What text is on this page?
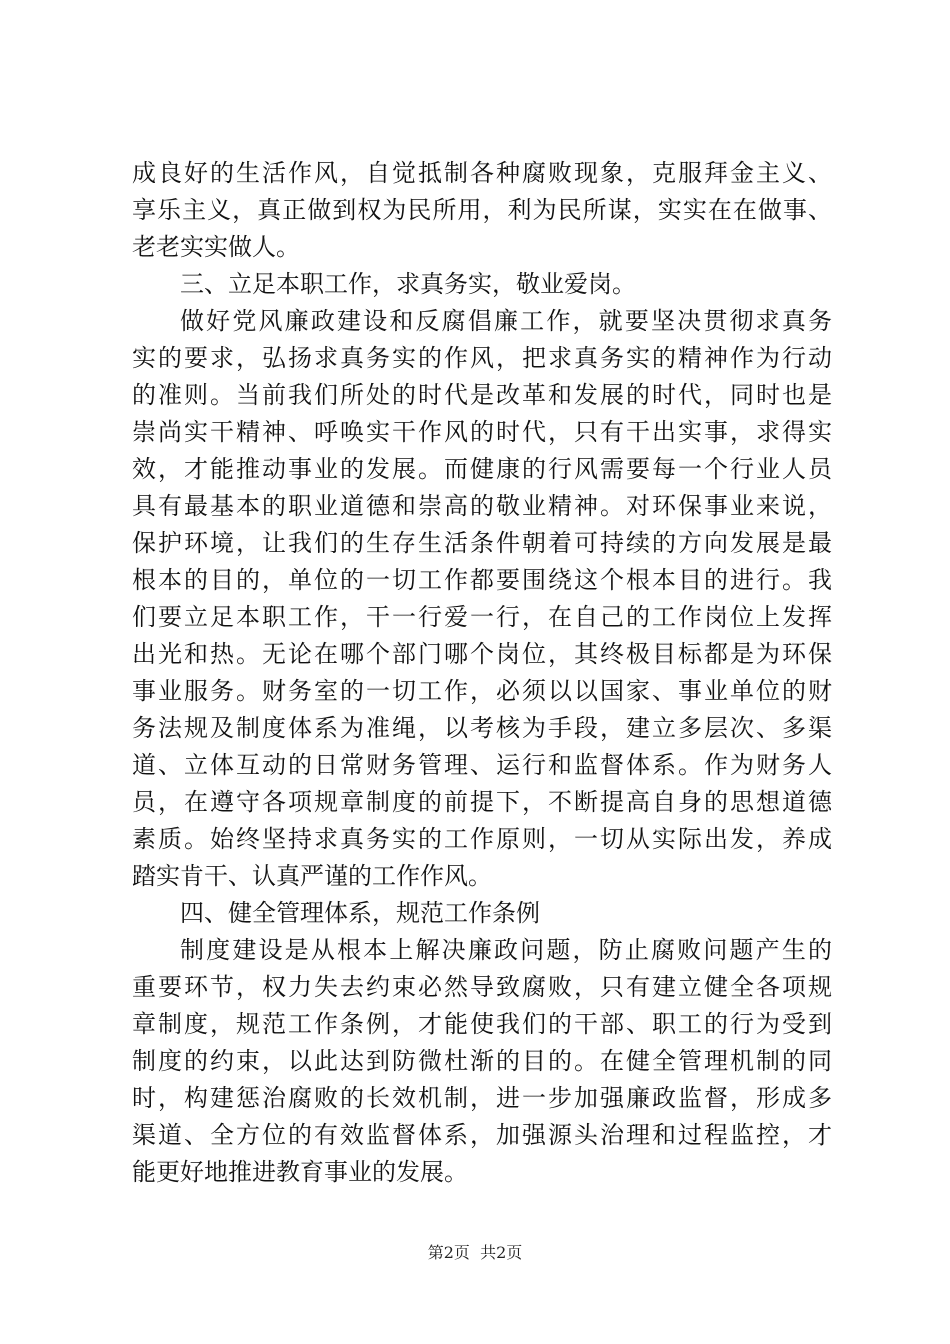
成良好的生活作风，自觉抵制各种腐败现象，克服拜金主义、
享乐主义，真正做到权为民所用，利为民所谋，实实在在做事、
老老实实做人。
三、立足本职工作，求真务实，敬业爱岗。
做好党风廉政建设和反腐倡廉工作，就要坚决贯彻求真务
实的要求，弘扬求真务实的作风，把求真务实的精神作为行动
的准则。当前我们所处的时代是改革和发展的时代，同时也是
崇尚实干精神、呼唤实干作风的时代，只有干出实事，求得实
效，才能推动事业的发展。而健康的行风需要每一个行业人员
具有最基本的职业道德和崇高的敬业精神。对环保事业来说，
保护环境，让我们的生存生活条件朝着可持续的方向发展是最
根本的目的，单位的一切工作都要围绕这个根本目的进行。我
们要立足本职工作，干一行爱一行，在自己的工作岗位上发挥
出光和热。无论在哪个部门哪个岗位，其终极目标都是为环保
事业服务。财务室的一切工作，必须以以国家、事业单位的财
务法规及制度体系为准绳，以考核为手段，建立多层次、多渠
道、立体互动的日常财务管理、运行和监督体系。作为财务人
员，在遵守各项规章制度的前提下，不断提高自身的思想道德
素质。始终坚持求真务实的工作原则，一切从实际出发，养成
踏实肯干、认真严谨的工作作风。
四、健全管理体系，规范工作条例
制度建设是从根本上解决廉政问题，防止腐败问题产生的
重要环节，权力失去约束必然导致腐败，只有建立健全各项规
章制度，规范工作条例，才能使我们的干部、职工的行为受到
制度的约束，以此达到防微杜渐的目的。在健全管理机制的同
时，构建惩治腐败的长效机制，进一步加强廉政监督，形成多
渠道、全方位的有效监督体系，加强源头治理和过程监控，才
能更好地推进教育事业的发展。
第2页  共2页
